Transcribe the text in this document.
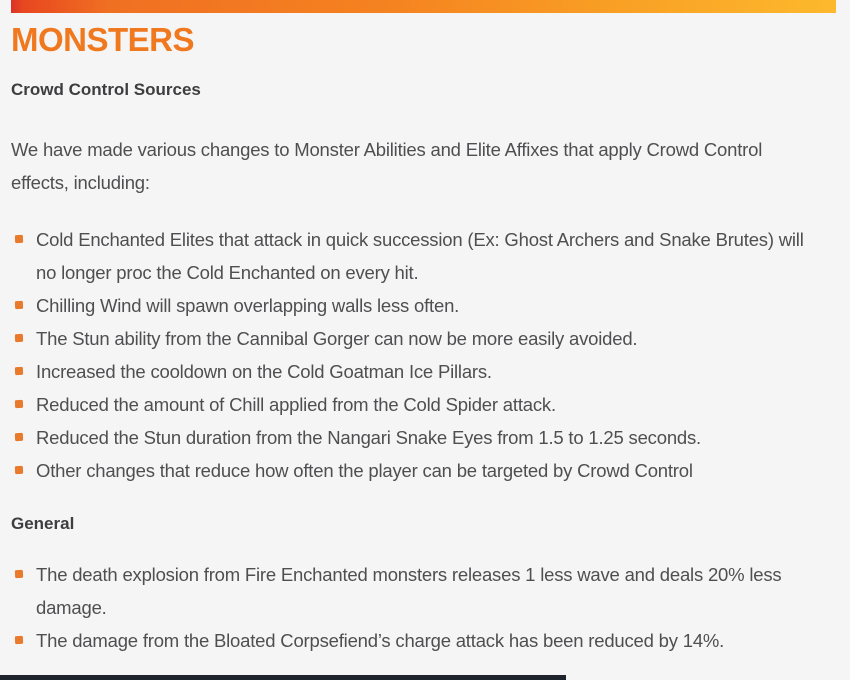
MONSTERS
Crowd Control Sources

We have made various changes to Monster Abilities and Elite Affixes that apply Crowd Control effects, including:

Cold Enchanted Elites that attack in quick succession (Ex: Ghost Archers and Snake Brutes) will no longer proc the Cold Enchanted on every hit.
Chilling Wind will spawn overlapping walls less often.
The Stun ability from the Cannibal Gorger can now be more easily avoided.
Increased the cooldown on the Cold Goatman Ice Pillars.
Reduced the amount of Chill applied from the Cold Spider attack.
Reduced the Stun duration from the Nangari Snake Eyes from 1.5 to 1.25 seconds.
Other changes that reduce how often the player can be targeted by Crowd Control
General
The death explosion from Fire Enchanted monsters releases 1 less wave and deals 20% less damage.
The damage from the Bloated Corpsefiend’s charge attack has been reduced by 14%.
